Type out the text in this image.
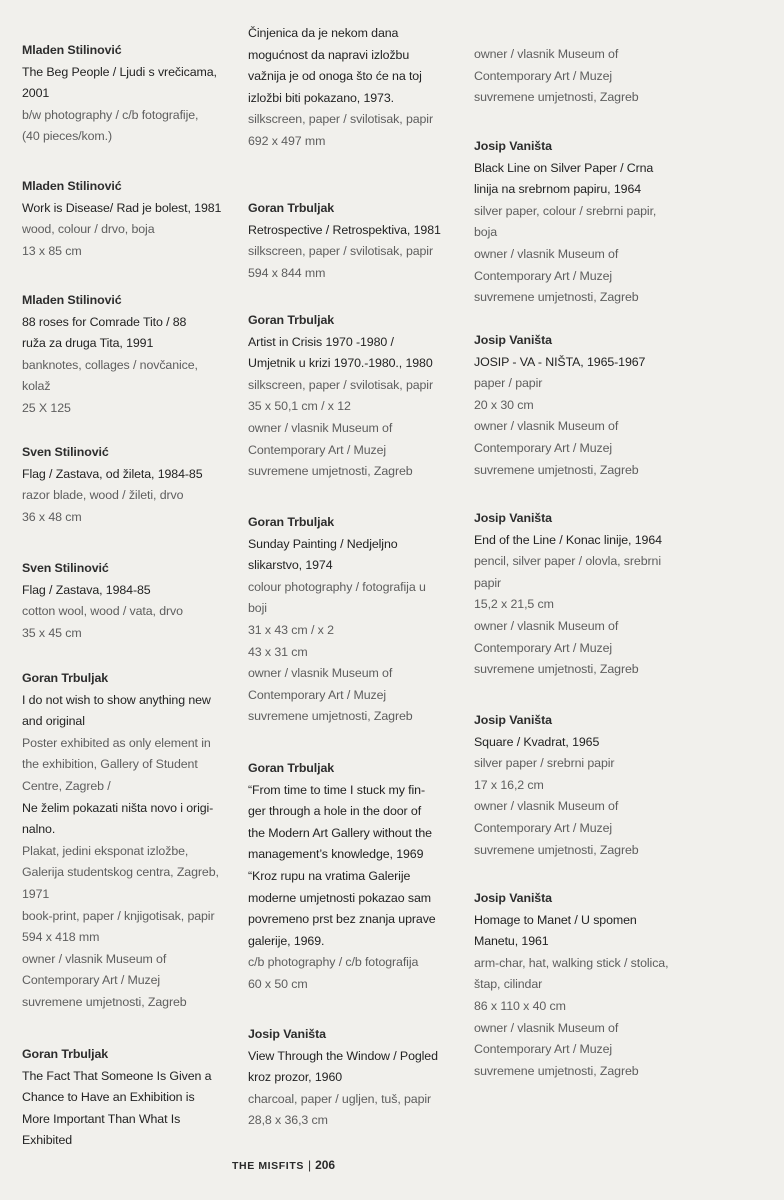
Mladen Stilinović
The Beg People / Ljudi s vrečicama,
2001
b/w photography / c/b fotografije,
(40 pieces/kom.)
Mladen Stilinović
Work is Disease/ Rad je bolest, 1981
wood, colour / drvo, boja
13 x 85 cm
Mladen Stilinović
88 roses for Comrade Tito / 88
ruža za druga Tita, 1991
banknotes, collages / novčanice,
kolaž
25 X 125
Sven Stilinović
Flag / Zastava, od žileta, 1984-85
razor blade, wood / žileti, drvo
36 x 48 cm
Sven Stilinović
Flag / Zastava, 1984-85
cotton wool, wood / vata, drvo
35 x 45 cm
Goran Trbuljak
I do not wish to show anything new
and original
Poster exhibited as only element in
the exhibition, Gallery of Student
Centre, Zagreb /
Ne želim pokazati ništa novo i origi-
nalno.
Plakat, jedini eksponat izložbe,
Galerija studentskog centra, Zagreb,
1971
book-print, paper / knjigotisak, papir
594 x 418 mm
owner / vlasnik Museum of
Contemporary Art / Muzej
suvremene umjetnosti, Zagreb
Goran Trbuljak
The Fact That Someone Is Given a
Chance to Have an Exhibition is
More Important Than What Is
Exhibited
Činjenica da je nekom dana
mogućnost da napravi izložbu
važnija je od onoga što će na toj
izložbi biti pokazano, 1973.
silkscreen, paper / svilotisak, papir
692 x 497 mm
Goran Trbuljak
Retrospective / Retrospektiva, 1981
silkscreen, paper / svilotisak, papir
594 x 844 mm
Goran Trbuljak
Artist in Crisis 1970 -1980 /
Umjetnik u krizi 1970.-1980., 1980
silkscreen, paper / svilotisak, papir
35 x 50,1 cm / x 12
owner / vlasnik Museum of
Contemporary Art / Muzej
suvremene umjetnosti, Zagreb
Goran Trbuljak
Sunday Painting / Nedjeljno
slikarstvo, 1974
colour photography / fotografija u
boji
31 x 43 cm / x 2
43 x 31 cm
owner / vlasnik Museum of
Contemporary Art / Muzej
suvremene umjetnosti, Zagreb
Goran Trbuljak
“From time to time I stuck my fin-
ger through a hole in the door of
the Modern Art Gallery without the
management’s knowledge, 1969
“Kroz rupu na vratima Galerije
moderne umjetnosti pokazao sam
povremeno prst bez znanja uprave
galerije, 1969.
c/b photography / c/b fotografija
60 x 50 cm
Josip Vaništa
View Through the Window / Pogled
kroz prozor, 1960
charcoal, paper / ugljen, tuš, papir
28,8 x 36,3 cm
owner / vlasnik Museum of
Contemporary Art / Muzej
suvremene umjetnosti, Zagreb
Josip Vaništa
Black Line on Silver Paper / Crna
linija na srebrnom papiru, 1964
silver paper, colour / srebrni papir,
boja
owner / vlasnik Museum of
Contemporary Art / Muzej
suvremene umjetnosti, Zagreb
Josip Vaništa
JOSIP - VA - NIŠTA, 1965-1967
paper / papir
20 x 30 cm
owner / vlasnik Museum of
Contemporary Art / Muzej
suvremene umjetnosti, Zagreb
Josip Vaništa
End of the Line / Konac linije, 1964
pencil, silver paper / olovla, srebrni
papir
15,2 x 21,5 cm
owner / vlasnik Museum of
Contemporary Art / Muzej
suvremene umjetnosti, Zagreb
Josip Vaništa
Square / Kvadrat, 1965
silver paper / srebrni papir
17 x 16,2 cm
owner / vlasnik Museum of
Contemporary Art / Muzej
suvremene umjetnosti, Zagreb
Josip Vaništa
Homage to Manet / U spomen
Manetu, 1961
arm-char, hat, walking stick / stolica,
štap, cilindar
86 x 110 x 40 cm
owner / vlasnik Museum of
Contemporary Art / Muzej
suvremene umjetnosti, Zagreb
THE MISFITS | 206
